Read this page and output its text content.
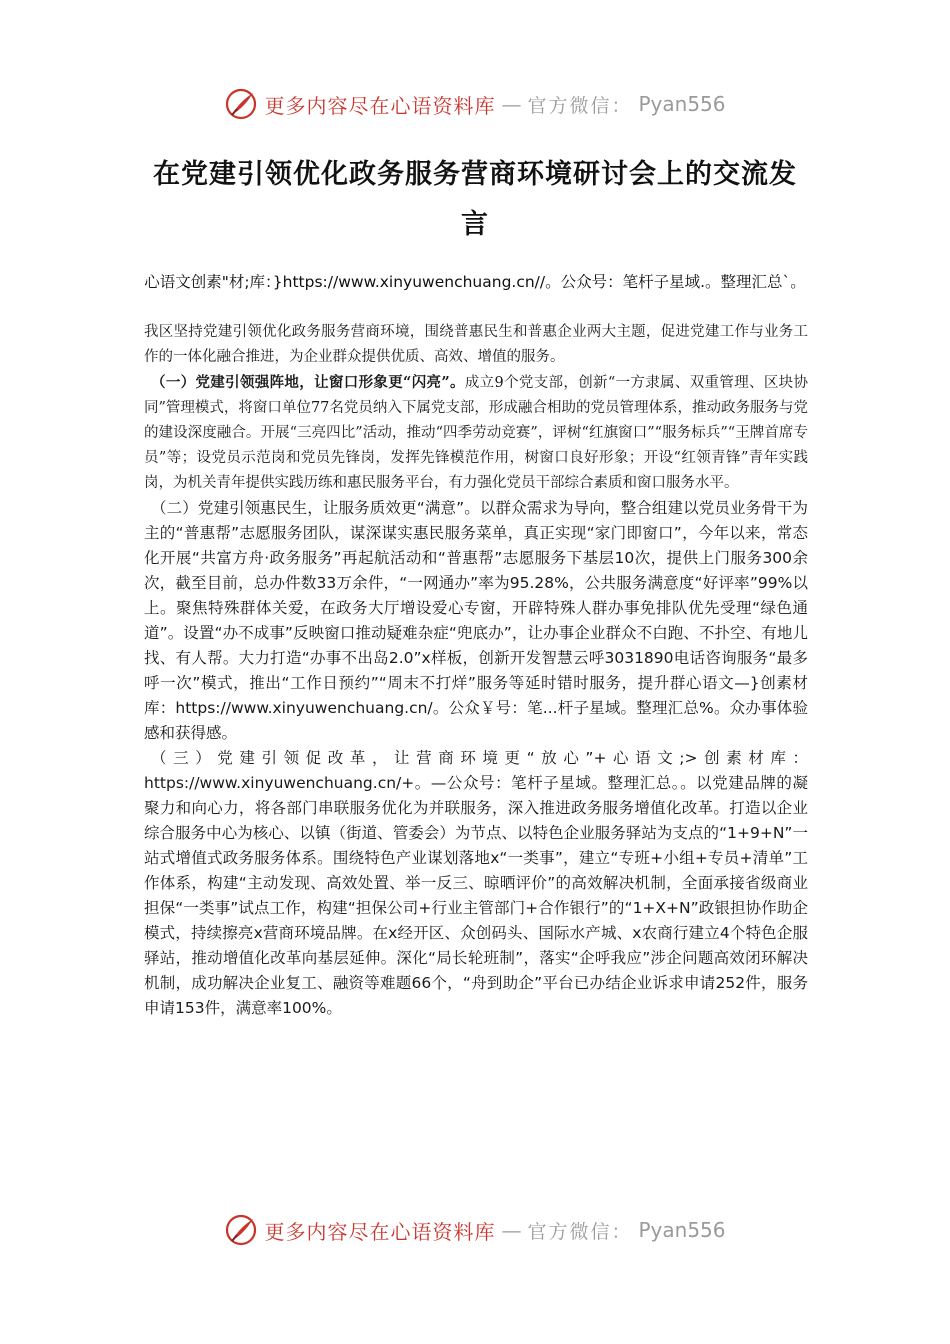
更多内容尽在心语资料库 — 官方微信： Pyan556
在党建引领优化政务服务营商环境研讨会上的交流发言
心语文创素"材;库：}https://www.xinyuwenchuang.cn//。公众号：笔杆子星域.。整理汇总`。

我区坚持党建引领优化政务服务营商环境，围绕普惠民生和普惠企业两大主题，促进党建工作与业务工作的一体化融合推进，为企业群众提供优质、高效、增值的服务。

（一）党建引领强阵地，让窗口形象更“闪亮”。成立9个党支部，创新“一方隶属、双重管理、区块协同”管理模式，将窗口单位77名党员纳入下属党支部，形成融合相助的党员管理体系，推动政务服务与党的建设深度融合。开展“三亮四比”活动，推动“四季劳动竞赛”，评树“红旗窗口”“服务标兵”“王牌首席专员”等；设党员示范岗和党员先锋岗，发挥先锋模范作用，树窗口良好形象；开设“红领青锋”青年实践岗，为机关青年提供实践历练和惠民服务平台，有力强化党员干部综合素质和窗口服务水平。

（二）党建引领惠民生，让服务质效更“满意”。以群众需求为导向，整合组建以党员业务骨干为主的“普惠帮”志愿服务团队，谋深谋实惠民服务菜单，真正实现“家门即窗口”，今年以来，常态化开展“共富方舟·政务服务”再起航活动和“普惠帮”志愿服务下基层10次，提供上门服务300余次，截至目前，总办件数33万余件，“一网通办”率为95.28%，公共服务满意度“好评率”99%以上。聚焦特殊群体关爱，在政务大厅增设爱心专窗，开辟特殊人群办事免排队优先受理“绿色通道”。设置“办不成事”反映窗口推动疑难杂症“兜底办”，让办事企业群众不白跑、不扑空、有地儿找、有人帮。大力打造“办事不出岛2.0”x样板，创新开发智慧云呼3031890电话咨询服务“最多呼一次”模式，推出“工作日预约”“周末不打烊”服务等延时错时服务，提升群心语文—}创素材库：https://www.xinyuwenchuang.cn/。公众￥号：笔...杆子星域。整理汇总%。众办事体验感和获得感。

（三）党建引领促改革，让营商环境更“放心”+心语文;>创素材库：https://www.xinyuwenchuang.cn/+。—公众号：笔杆子星域。整理汇总。。以党建品牌的凝聚力和向心力，将各部门串联服务优化为并联服务，深入推进政务服务增值化改革。打造以企业综合服务中心为核心、以镇（街道、管委会）为节点、以特色企业服务驿站为支点的“1+9+N”一站式增值式政务服务体系。围绕特色产业谋划落地x“一类事”，建立“专班+小组+专员+清单”工作体系，构建“主动发现、高效处置、举一反三、晾晒评价”的高效解决机制，全面承接省级商业担保“一类事”试点工作，构建“担保公司+行业主管部门+合作银行”的“1+X+N”政银担协作助企模式，持续擦亮x营商环境品牌。在x经开区、众创码头、国际水产城、x农商行建立4个特色企服驿站，推动增值化改革向基层延伸。深化“局长轮班制”，落实“企呼我应”涉企问题高效闭环解决机制，成功解决企业复工、融资等难题66个，“舟到助企”平台已办结企业诉求申请252件，服务申请153件，满意率100%。

更多内容尽在心语资料库 — 官方微信： Pyan556
